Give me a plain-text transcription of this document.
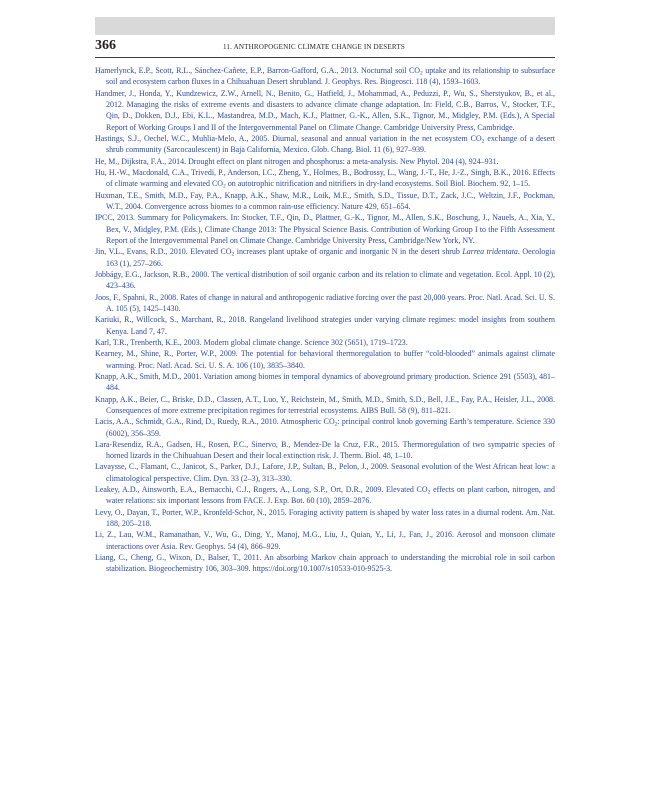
366	11. ANTHROPOGENIC CLIMATE CHANGE IN DESERTS
Hamerlynck, E.P., Scott, R.L., Sánchez-Cañete, E.P., Barron-Gafford, G.A., 2013. Nocturnal soil $CO_2$ uptake and its relationship to subsurface soil and ecosystem carbon fluxes in a Chihuahuan Desert shrubland. J. Geophys. Res. Biogeosci. 118 (4), 1593–1603.
Handmer, J., Honda, Y., Kundzewicz, Z.W., Arnell, N., Benito, G., Hatfield, J., Mohammad, A., Peduzzi, P., Wu, S., Sherstyukov, B., et al., 2012. Managing the risks of extreme events and disasters to advance climate change adaptation. In: Field, C.B., Barros, V., Stocker, T.F., Qin, D., Dokken, D.J., Ebi, K.L., Mastandrea, M.D., Mach, K.J., Plattner, G.-K., Allen, S.K., Tignor, M., Midgley, P.M. (Eds.), A Special Report of Working Groups I and II of the Intergovernmental Panel on Climate Change. Cambridge University Press, Cambridge.
Hastings, S.J., Oechel, W.C., Muhlia-Melo, A., 2005. Diurnal, seasonal and annual variation in the net ecosystem $CO_2$ exchange of a desert shrub community (Sarcocaulescent) in Baja California, Mexico. Glob. Chang. Biol. 11 (6), 927–939.
He, M., Dijkstra, F.A., 2014. Drought effect on plant nitrogen and phosphorus: a meta-analysis. New Phytol. 204 (4), 924–931.
Hu, H.-W., Macdonald, C.A., Trivedi, P., Anderson, I.C., Zheng, Y., Holmes, B., Bodrossy, L., Wang, J.-T., He, J.-Z., Singh, B.K., 2016. Effects of climate warming and elevated $CO_2$ on autotrophic nitrification and nitrifiers in dry-land ecosystems. Soil Biol. Biochem. 92, 1–15.
Huxman, T.E., Smith, M.D., Fay, P.A., Knapp, A.K., Shaw, M.R., Loik, M.E., Smith, S.D., Tissue, D.T., Zack, J.C., Weltzin, J.F., Pockman, W.T., 2004. Convergence across biomes to a common rain-use efficiency. Nature 429, 651–654.
IPCC, 2013. Summary for Policymakers. In: Stocker, T.F., Qin, D., Plattner, G.-K., Tignor, M., Allen, S.K., Boschung, J., Nauels, A., Xia, Y., Bex, V., Midgley, P.M. (Eds.), Climate Change 2013: The Physical Science Basis. Contribution of Working Group I to the Fifth Assessment Report of the Intergovernmental Panel on Climate Change. Cambridge University Press, Cambridge/New York, NY.
Jin, V.L., Evans, R.D., 2010. Elevated $CO_2$ increases plant uptake of organic and inorganic N in the desert shrub Larrea tridentata. Oecologia 163 (1), 257–266.
Jobbágy, E.G., Jackson, R.B., 2000. The vertical distribution of soil organic carbon and its relation to climate and vegetation. Ecol. Appl. 10 (2), 423–436.
Joos, F., Spahni, R., 2008. Rates of change in natural and anthropogenic radiative forcing over the past 20,000 years. Proc. Natl. Acad. Sci. U. S. A. 105 (5), 1425–1430.
Kariuki, R., Willcock, S., Marchant, R., 2018. Rangeland livelihood strategies under varying climate regimes: model insights from southern Kenya. Land 7, 47.
Karl, T.R., Trenberth, K.E., 2003. Modern global climate change. Science 302 (5651), 1719–1723.
Kearney, M., Shine, R., Porter, W.P., 2009. The potential for behavioral thermoregulation to buffer “cold-blooded” animals against climate warming. Proc. Natl. Acad. Sci. U. S. A. 106 (10), 3835–3840.
Knapp, A.K., Smith, M.D., 2001. Variation among biomes in temporal dynamics of aboveground primary production. Science 291 (5503), 481–484.
Knapp, A.K., Beier, C., Briske, D.D., Classen, A.T., Luo, Y., Reichstein, M., Smith, M.D., Smith, S.D., Bell, J.E., Fay, P.A., Heisler, J.L., 2008. Consequences of more extreme precipitation regimes for terrestrial ecosystems. AIBS Bull. 58 (9), 811–821.
Lacis, A.A., Schmidt, G.A., Rind, D., Ruedy, R.A., 2010. Atmospheric $CO_2$: principal control knob governing Earth’s temperature. Science 330 (6002), 356–359.
Lara-Resendiz, R.A., Gadsen, H., Rosen, P.C., Sinervo, B., Mendez-De la Cruz, F.R., 2015. Thermoregulation of two sympatric species of horned lizards in the Chihuahuan Desert and their local extinction risk. J. Therm. Biol. 48, 1–10.
Lavaysse, C., Flamant, C., Janicot, S., Parker, D.J., Lafore, J.P., Sultan, B., Pelon, J., 2009. Seasonal evolution of the West African heat low: a climatological perspective. Clim. Dyn. 33 (2–3), 313–330.
Leakey, A.D., Ainsworth, E.A., Bernacchi, C.J., Rogers, A., Long, S.P., Ort, D.R., 2009. Elevated $CO_2$ effects on plant carbon, nitrogen, and water relations: six important lessons from FACE. J. Exp. Bot. 60 (10), 2859–2876.
Levy, O., Dayan, T., Porter, W.P., Kronfeld-Schor, N., 2015. Foraging activity pattern is shaped by water loss rates in a diurnal rodent. Am. Nat. 188, 205–218.
Li, Z., Lau, W.M., Ramanathan, V., Wu, G., Ding, Y., Manoj, M.G., Liu, J., Quian, Y., Li, J., Fan, J., 2016. Aerosol and monsoon climate interactions over Asia. Rev. Geophys. 54 (4), 866–929.
Liang, C., Cheng, G., Wixon, D., Balser, T., 2011. An absorbing Markov chain approach to understanding the microbial role in soil carbon stabilization. Biogeochemistry 106, 303–309. https://doi.org/10.1007/s10533-010-9525-3.
